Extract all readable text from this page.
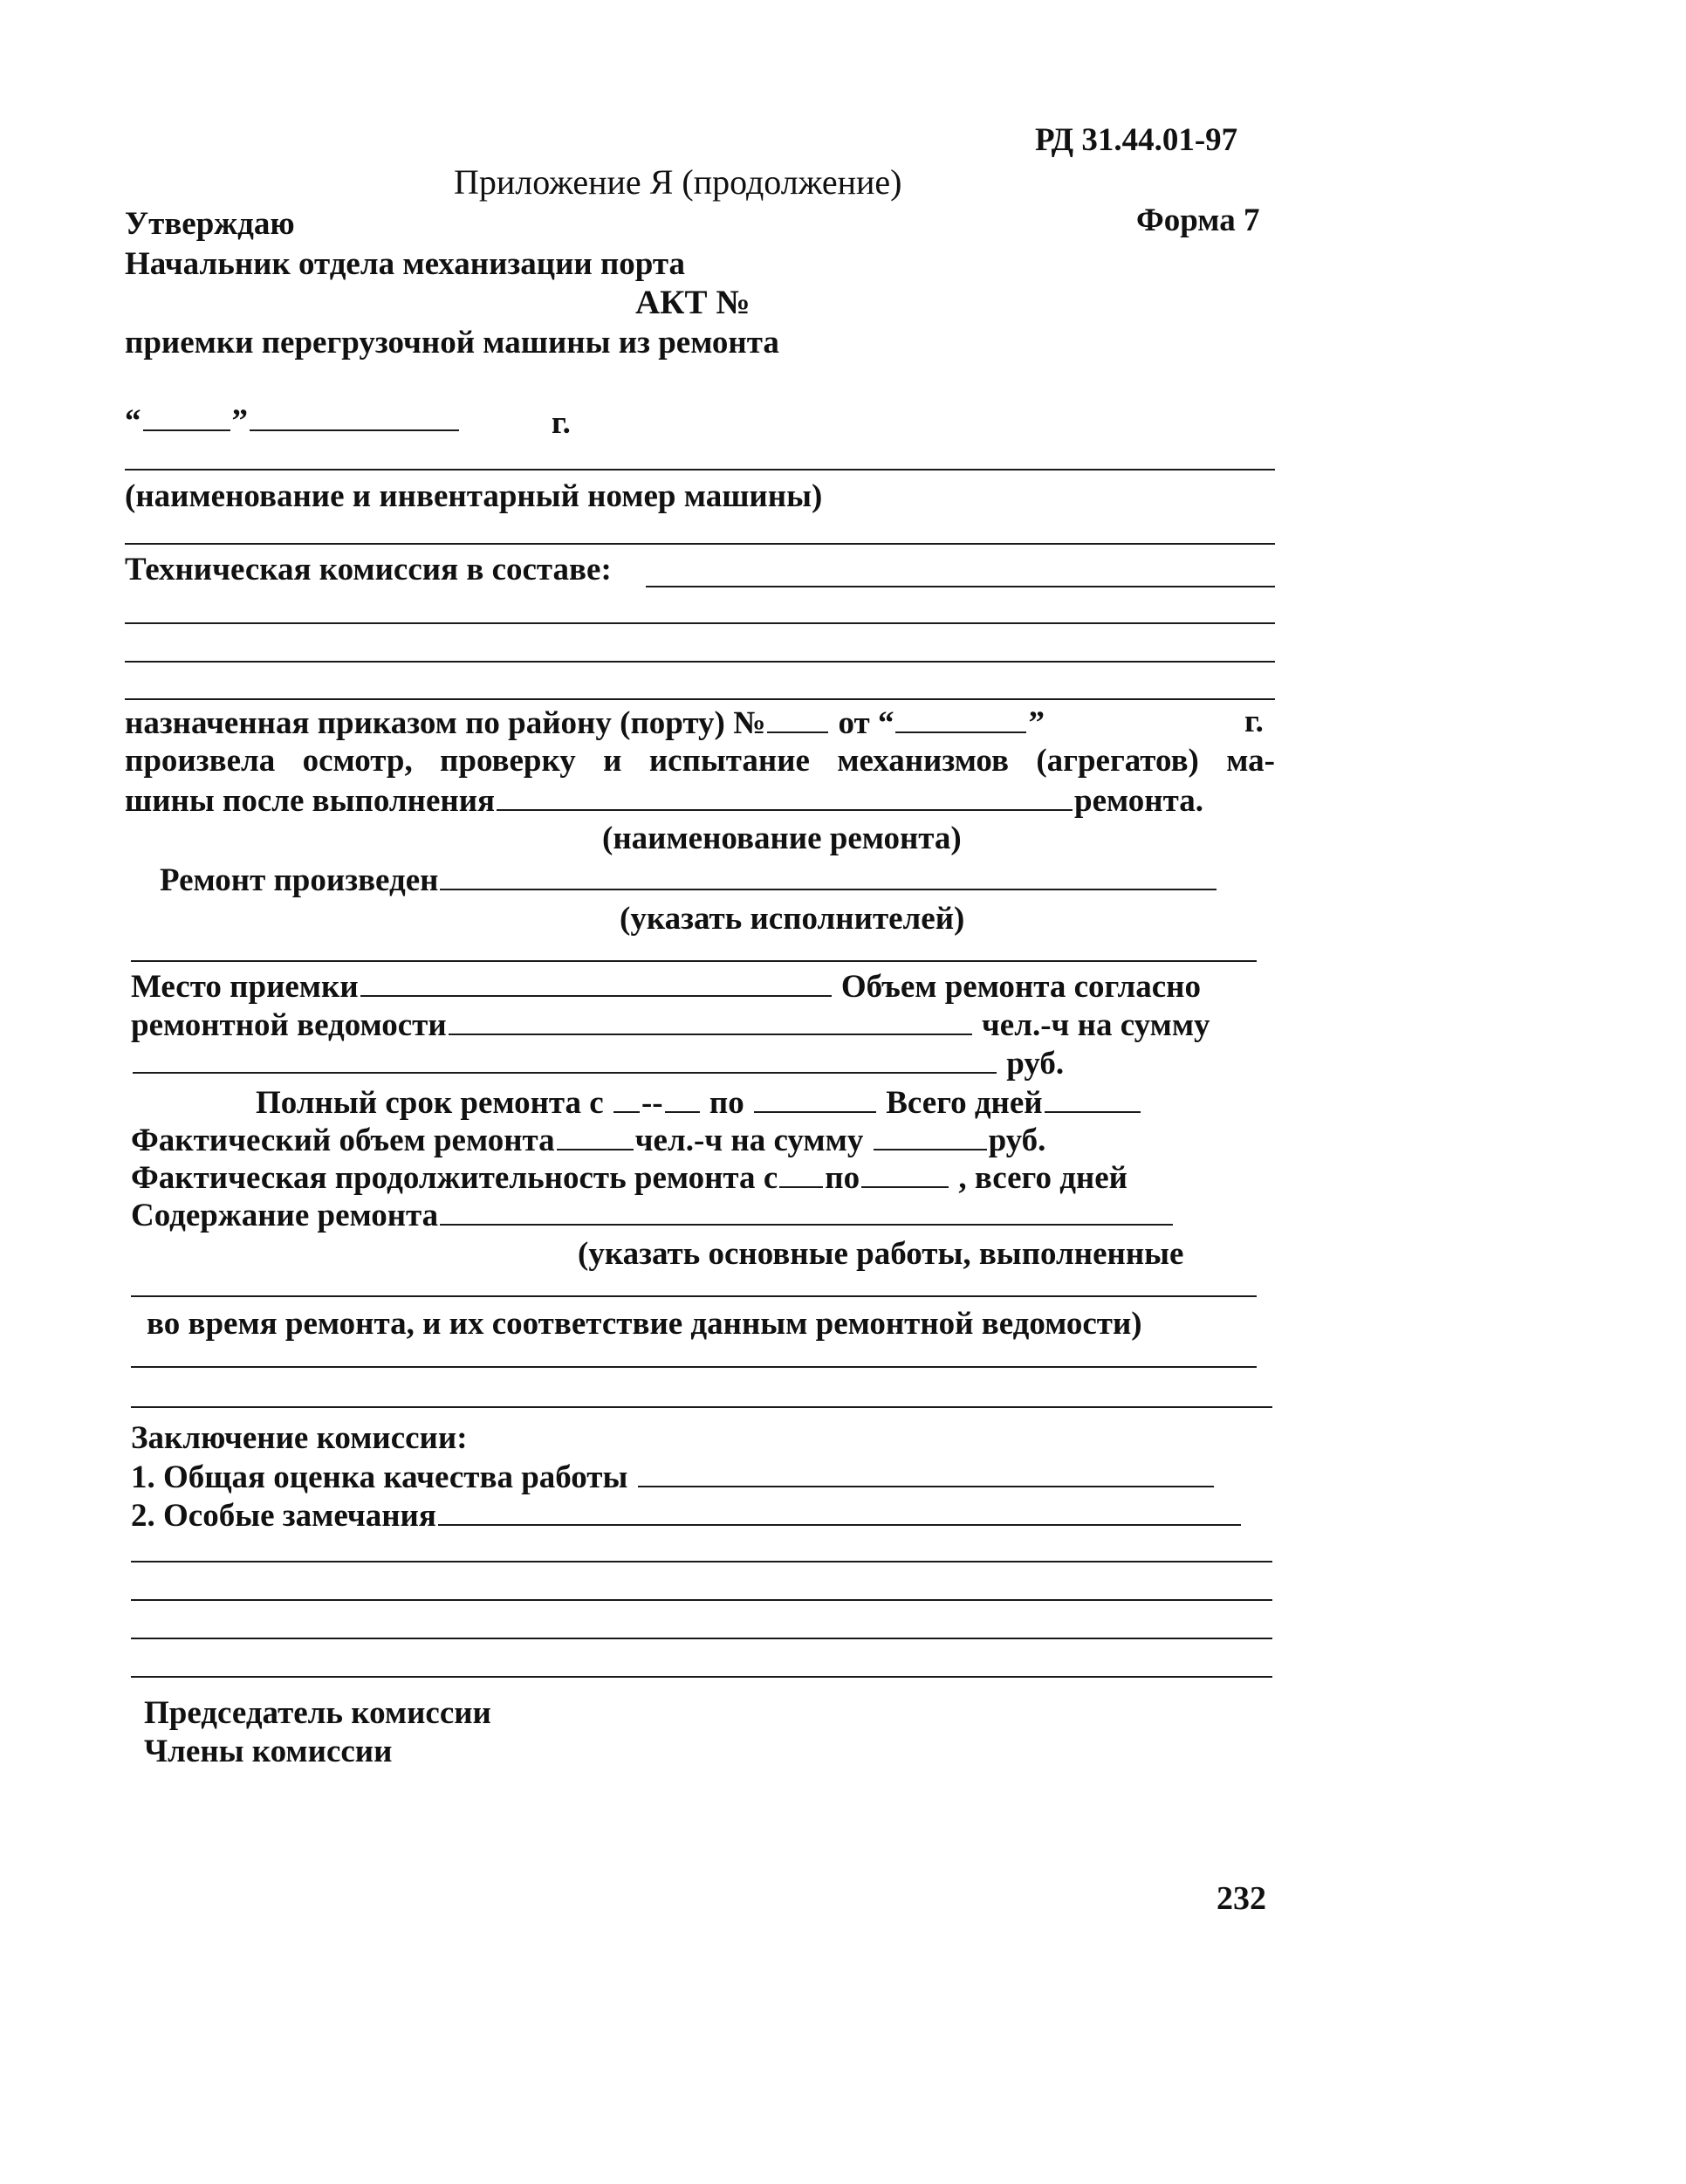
РД 31.44.01-97
Приложение Я (продолжение)
Утверждаю	Форма 7
Начальник отдела механизации порта
АКТ №
приемки перегрузочной машины из ремонта
“	”	г.
(наименование и инвентарный номер машины)
Техническая комиссия в составе:
назначенная приказом по району (порту) № от “	”	г.
произвела осмотр, проверку и испытание механизмов (агрегатов) ма-
шины после выполнения	ремонта.
(наименование ремонта)
Ремонт произведен
(указать исполнителей)
Место приемки	Объем ремонта согласно
ремонтной ведомости	чел.-ч на сумму
руб.
Полный срок ремонта с -- по	Всего дней
Фактический объем ремонта чел.-ч на сумму	руб.
Фактическая продолжительность ремонта с по	, всего дней
Содержание ремонта
(указать основные работы, выполненные
во время ремонта, и их соответствие данным ремонтной ведомости)
Заключение комиссии:
1. Общая оценка качества работы
2. Особые замечания
Председатель комиссии
Члены комиссии
232
